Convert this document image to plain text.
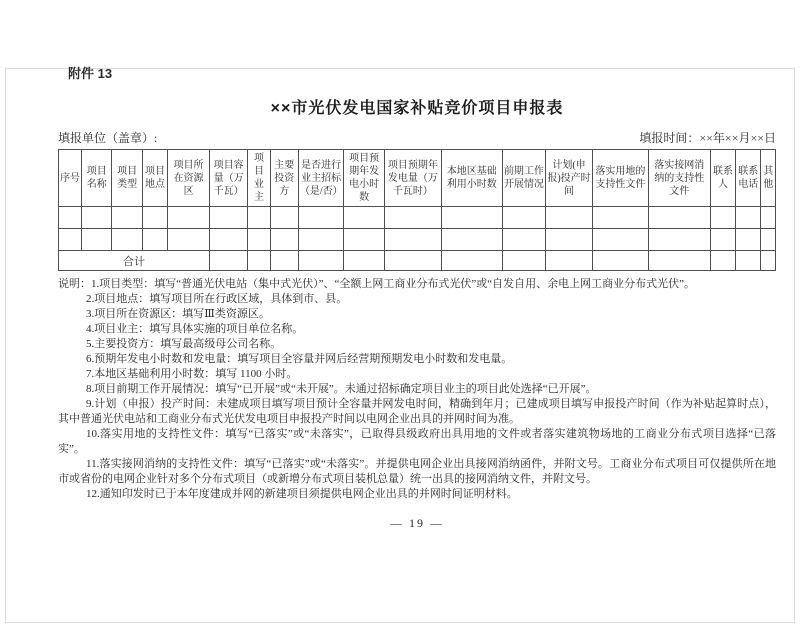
附件 13
××市光伏发电国家补贴竞价项目申报表
填报单位（盖章）:	填报时间：××年××月××日
序号	项目名称	项目类型	项目地点	项目所在资源区	项目容量（万千瓦）	项目业主	主要投资方	是否进行业主招标（是/否）	项目预期年发电小时数	项目预期年发电量（万千瓦时）	本地区基础利用小时数	前期工作开展情况	计划(申报)投产时间	落实用地的支持性文件	落实接网消纳的支持性文件	联系人	联系电话	其他

合计																		

说明：1.项目类型：填写“普通光伏电站（集中式光伏）”、“全额上网工商业分布式光伏”或“自发自用、余电上网工商业分布式光伏”。

2.项目地点：填写项目所在行政区域，具体到市、县。

3.项目所在资源区：填写Ⅲ类资源区。

4.项目业主：填写具体实施的项目单位名称。

5.主要投资方：填写最高级母公司名称。

6.预期年发电小时数和发电量：填写项目全容量并网后经营期预期发电小时数和发电量。

7.本地区基础利用小时数：填写 1100 小时。

8.项目前期工作开展情况：填写“已开展”或“未开展”。未通过招标确定项目业主的项目此处选择“已开展”。

9.计划（申报）投产时间：未建成项目填写项目预计全容量并网发电时间，精确到年月；已建成项目填写申报投产时间（作为补贴起算时点），其中普通光伏电站和工商业分布式光伏发电项目申报投产时间以电网企业出具的并网时间为准。

10.落实用地的支持性文件：填写“已落实”或“未落实”，已取得县级政府出具用地的文件或者落实建筑物场地的工商业分布式项目选择“已落实”。

11.落实接网消纳的支持性文件：填写“已落实”或“未落实”。并提供电网企业出具接网消纳函件，并附文号。工商业分布式项目可仅提供所在地市或省份的电网企业针对多个分布式项目（或新增分布式项目装机总量）统一出具的接网消纳文件，并附文号。

12.通知印发时已于本年度建成并网的新建项目须提供电网企业出具的并网时间证明材料。

— 19 —
